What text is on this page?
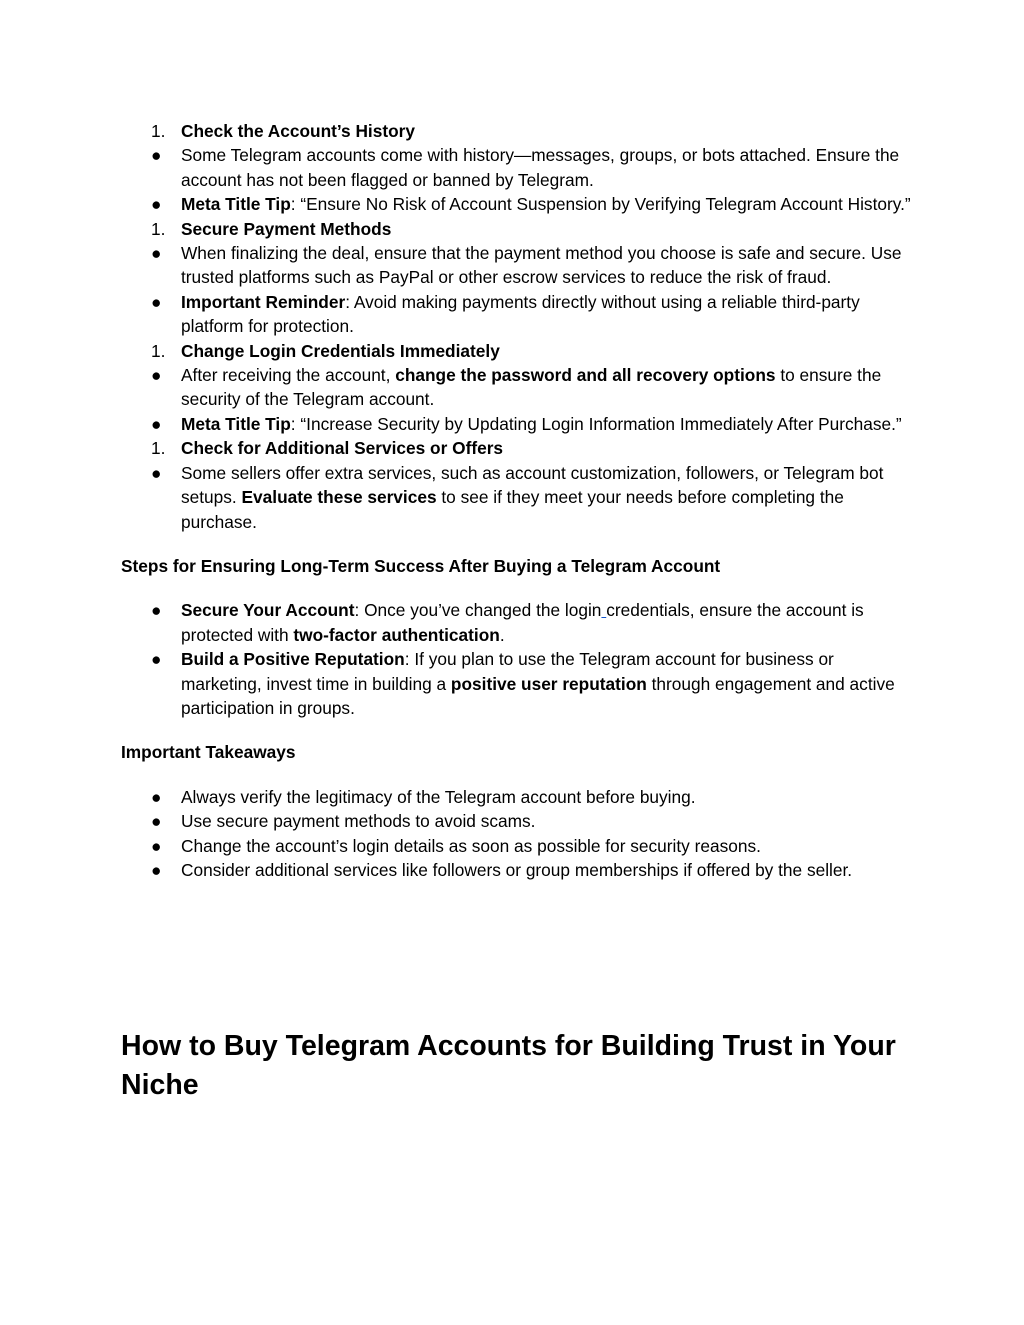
1. Check the Account’s History
● Some Telegram accounts come with history—messages, groups, or bots attached. Ensure the account has not been flagged or banned by Telegram.
● Meta Title Tip: “Ensure No Risk of Account Suspension by Verifying Telegram Account History.”
1. Secure Payment Methods
● When finalizing the deal, ensure that the payment method you choose is safe and secure. Use trusted platforms such as PayPal or other escrow services to reduce the risk of fraud.
● Important Reminder: Avoid making payments directly without using a reliable third-party platform for protection.
1. Change Login Credentials Immediately
● After receiving the account, change the password and all recovery options to ensure the security of the Telegram account.
● Meta Title Tip: “Increase Security by Updating Login Information Immediately After Purchase.”
1. Check for Additional Services or Offers
● Some sellers offer extra services, such as account customization, followers, or Telegram bot setups. Evaluate these services to see if they meet your needs before completing the purchase.
Steps for Ensuring Long-Term Success After Buying a Telegram Account
● Secure Your Account: Once you’ve changed the login credentials, ensure the account is protected with two-factor authentication.
● Build a Positive Reputation: If you plan to use the Telegram account for business or marketing, invest time in building a positive user reputation through engagement and active participation in groups.
Important Takeaways
● Always verify the legitimacy of the Telegram account before buying.
● Use secure payment methods to avoid scams.
● Change the account’s login details as soon as possible for security reasons.
● Consider additional services like followers or group memberships if offered by the seller.
How to Buy Telegram Accounts for Building Trust in Your Niche
